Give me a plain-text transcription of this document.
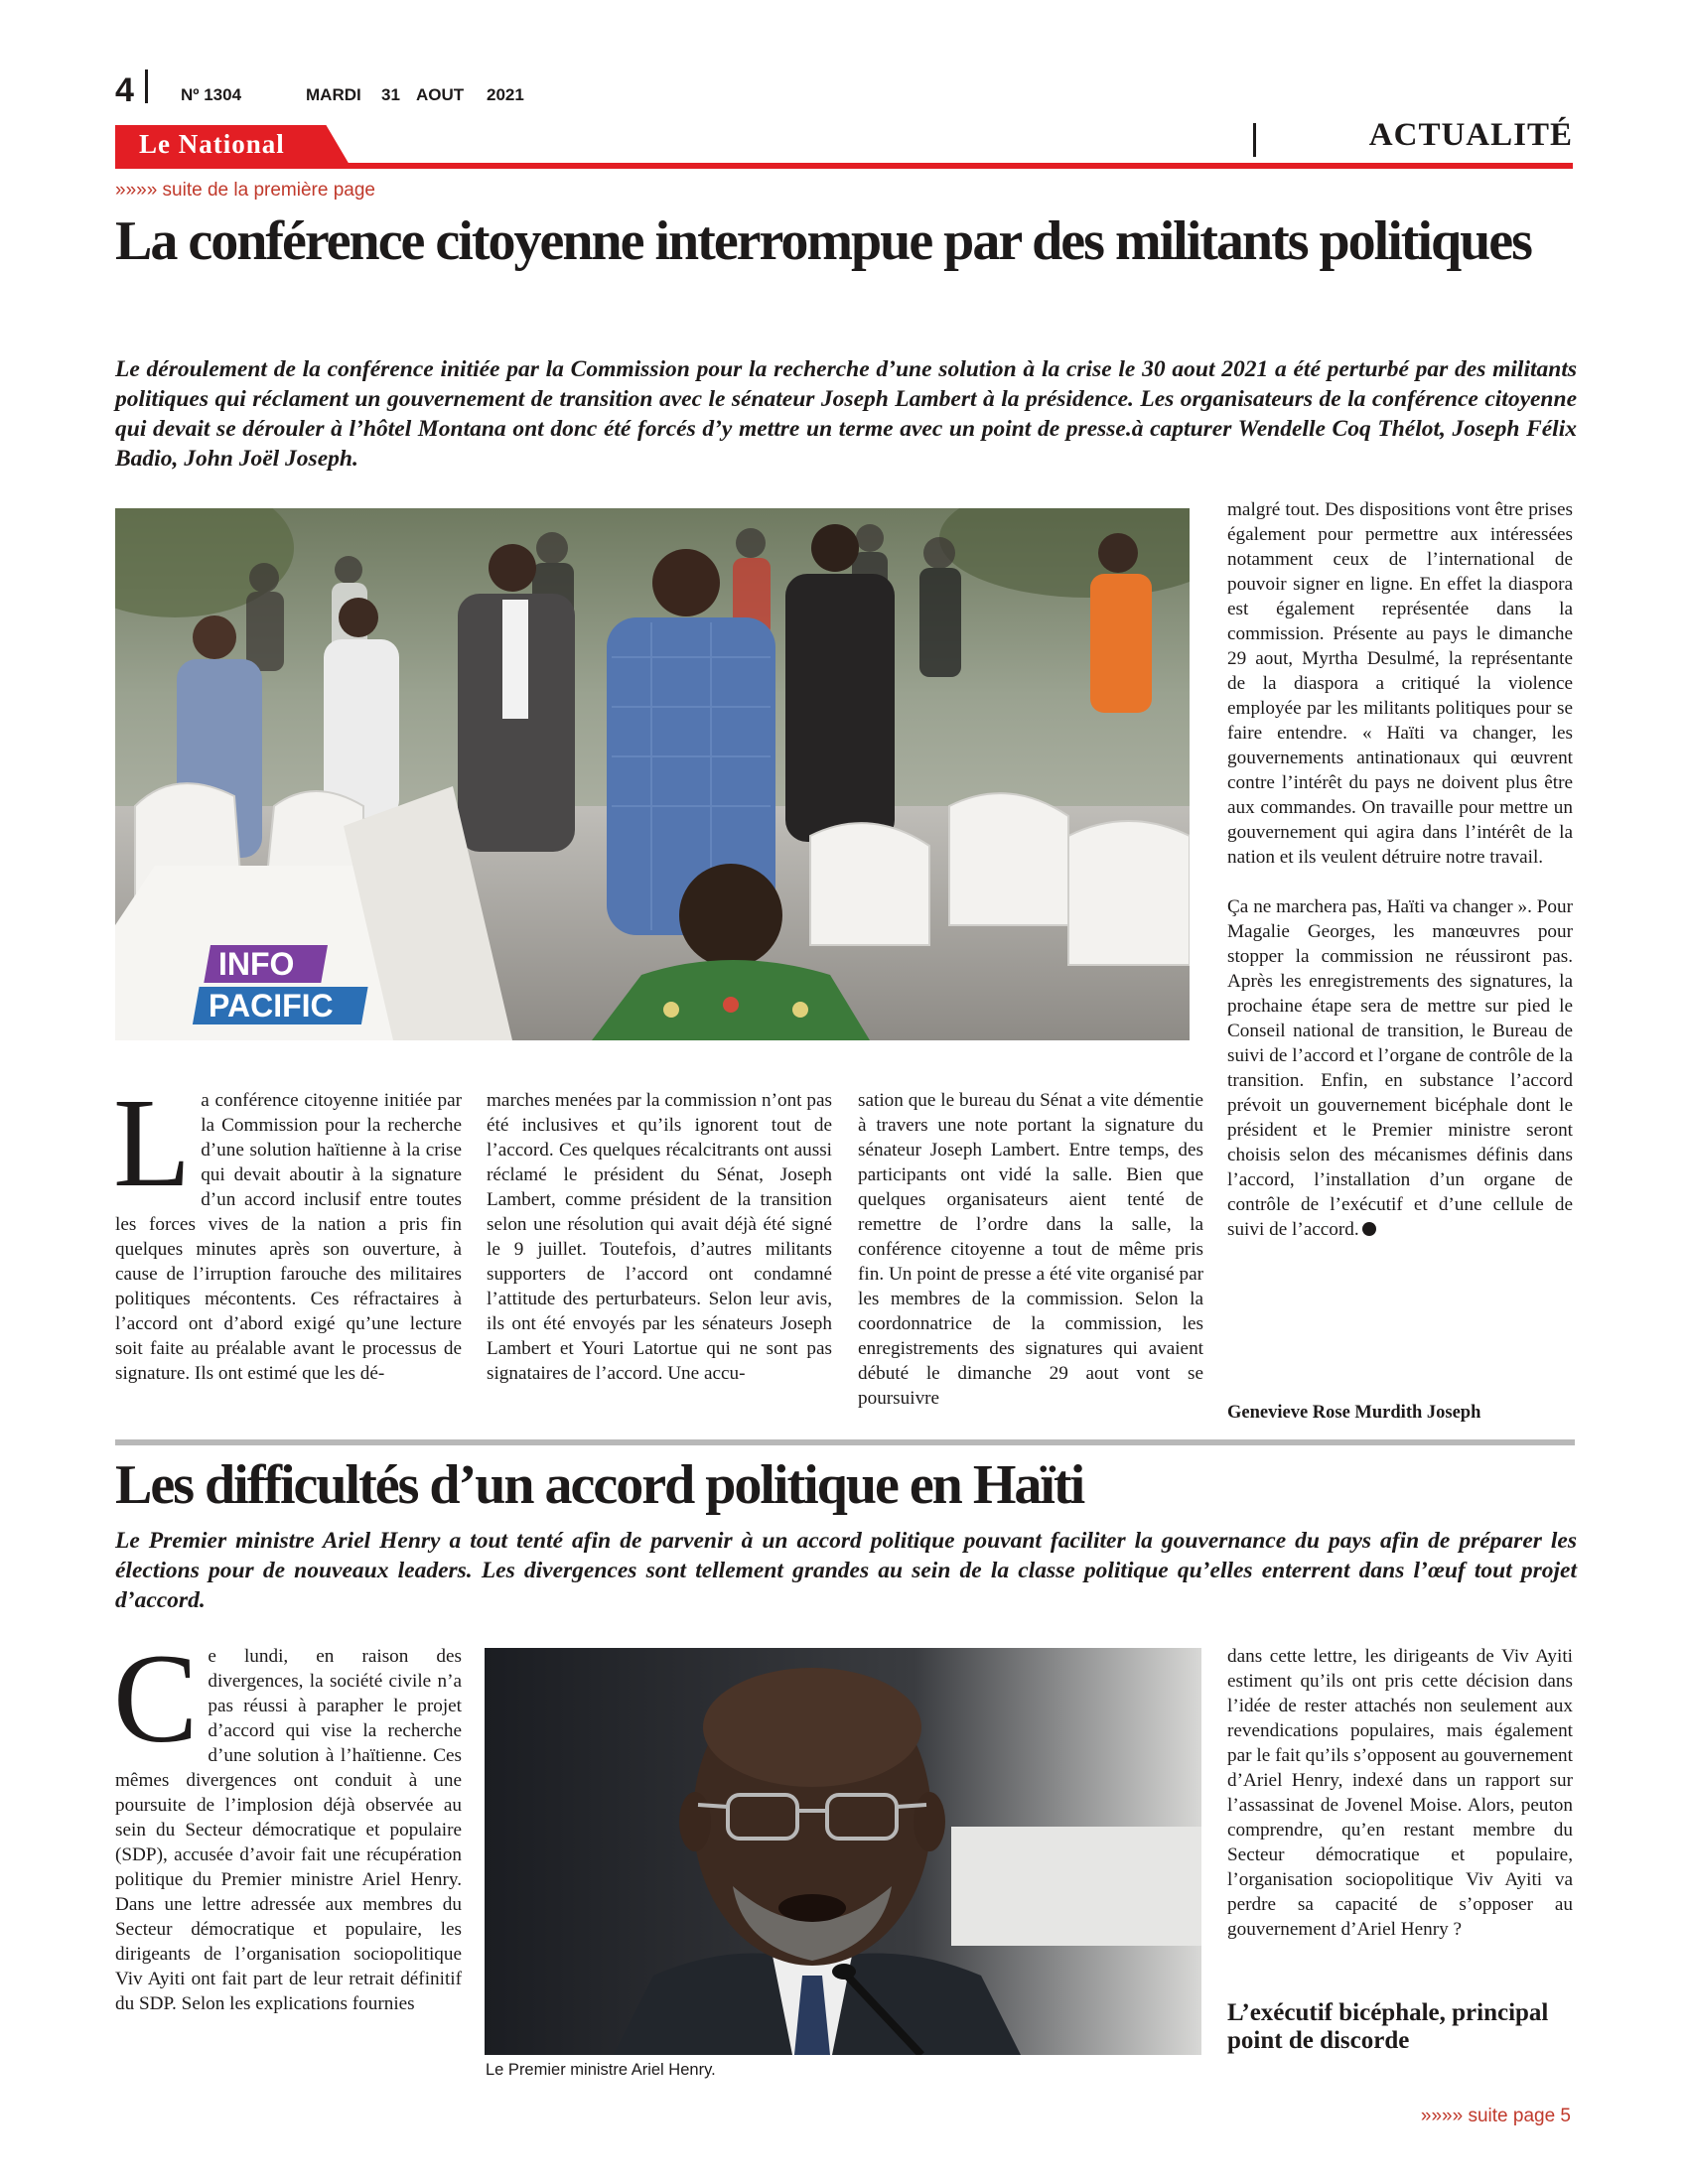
4	Nº 1304	MARDI 31 AOUT 2021
Le National	ACTUALITÉ
»»»» suite de la première page
La conférence citoyenne interrompue par des militants politiques

Le déroulement de la conférence initiée par la Commission pour la recherche d’une solution à la crise le 30 aout 2021 a été perturbé par des militants politiques qui réclament un gouvernement de transition avec le sénateur Joseph Lambert à la présidence. Les organisateurs de la conférence citoyenne qui devait se dérouler à l’hôtel Montana ont donc été forcés d’y mettre un terme avec un point de presse.à capturer Wendelle Coq Thélot, Joseph Félix Badio, John Joël Joseph.

INFO
PACIFIC
L a conférence citoyenne initiée par la Commission pour la recherche d’une solution haïtienne à la crise qui devait aboutir à la signature d’un accord inclusif entre toutes les forces vives de la nation a pris fin quelques minutes après son ouverture, à cause de l’irruption farouche des militaires politiques mécontents. Ces réfractaires à l’accord ont d’abord exigé qu’une lecture soit faite au préalable avant le processus de signature. Ils ont estimé que les dé-
marches menées par la commission n’ont pas été inclusives et qu’ils ignorent tout de l’accord. Ces quelques récalcitrants ont aussi réclamé le président du Sénat, Joseph Lambert, comme président de la transition selon une résolution qui avait déjà été signé le 9 juillet. Toutefois, d’autres militants supporters de l’accord ont condamné l’attitude des perturbateurs. Selon leur avis, ils ont été envoyés par les sénateurs Joseph Lambert et Youri Latortue qui ne sont pas signataires de l’accord. Une accu-
sation que le bureau du Sénat a vite démentie à travers une note portant la signature du sénateur Joseph Lambert. Entre temps, des participants ont vidé la salle. Bien que quelques organisateurs aient tenté de remettre de l’ordre dans la salle, la conférence citoyenne a tout de même pris fin. Un point de presse a été vite organisé par les membres de la commission. Selon la coordonnatrice de la commission, les enregistrements des signatures qui avaient débuté le dimanche 29 aout vont se poursuivre

malgré tout. Des dispositions vont être prises également pour permettre aux intéressées notamment ceux de l’international de pouvoir signer en ligne. En effet la diaspora est également représentée dans la commission. Présente au pays le dimanche 29 aout, Myrtha Desulmé, la représentante de la diaspora a critiqué la violence employée par les militants politiques pour se faire entendre. « Haïti va changer, les gouvernements antinationaux qui œuvrent contre l’intérêt du pays ne doivent plus être aux commandes. On travaille pour mettre un gouvernement qui agira dans l’intérêt de la nation et ils veulent détruire notre travail.

Ça ne marchera pas, Haïti va changer ». Pour Magalie Georges, les manœuvres pour stopper la commission ne réussiront pas. Après les enregistrements des signatures, la prochaine étape sera de mettre sur pied le Conseil national de transition, le Bureau de suivi de l’accord et l’organe de contrôle de la transition. Enfin, en substance l’accord prévoit un gouvernement bicéphale dont le président et le Premier ministre seront choisis selon des mécanismes définis dans l’accord, l’installation d’un organe de contrôle de l’exécutif et d’une cellule de suivi de l’accord.

Genevieve Rose Murdith Joseph
Les difficultés d’un accord politique en Haïti

Le Premier ministre Ariel Henry a tout tenté afin de parvenir à un accord politique pouvant faciliter la gouvernance du pays afin de préparer les élections pour de nouveaux leaders. Les divergences sont tellement grandes au sein de la classe politique qu’elles enterrent dans l’œuf tout projet d’accord.

C e lundi, en raison des divergences, la société civile n’a pas réussi à parapher le projet d’accord qui vise la recherche d’une solution à l’haïtienne. Ces mêmes divergences ont conduit à une poursuite de l’implosion déjà observée au sein du Secteur démocratique et populaire (SDP), accusée d’avoir fait une récupération politique du Premier ministre Ariel Henry. Dans une lettre adressée aux membres du Secteur démocratique et populaire, les dirigeants de l’organisation sociopolitique Viv Ayiti ont fait part de leur retrait définitif du SDP. Selon les explications fournies
Le Premier ministre Ariel Henry.
dans cette lettre, les dirigeants de Viv Ayiti estiment qu’ils ont pris cette décision dans l’idée de rester attachés non seulement aux revendications populaires, mais également par le fait qu’ils s’opposent au gouvernement d’Ariel Henry, indexé dans un rapport sur l’assassinat de Jovenel Moise. Alors, peuton comprendre, qu’en restant membre du Secteur démocratique et populaire, l’organisation sociopolitique Viv Ayiti va perdre sa capacité de s’opposer au gouvernement d’Ariel Henry ?
L’exécutif bicéphale, principal point de discorde
»»»» suite page 5
